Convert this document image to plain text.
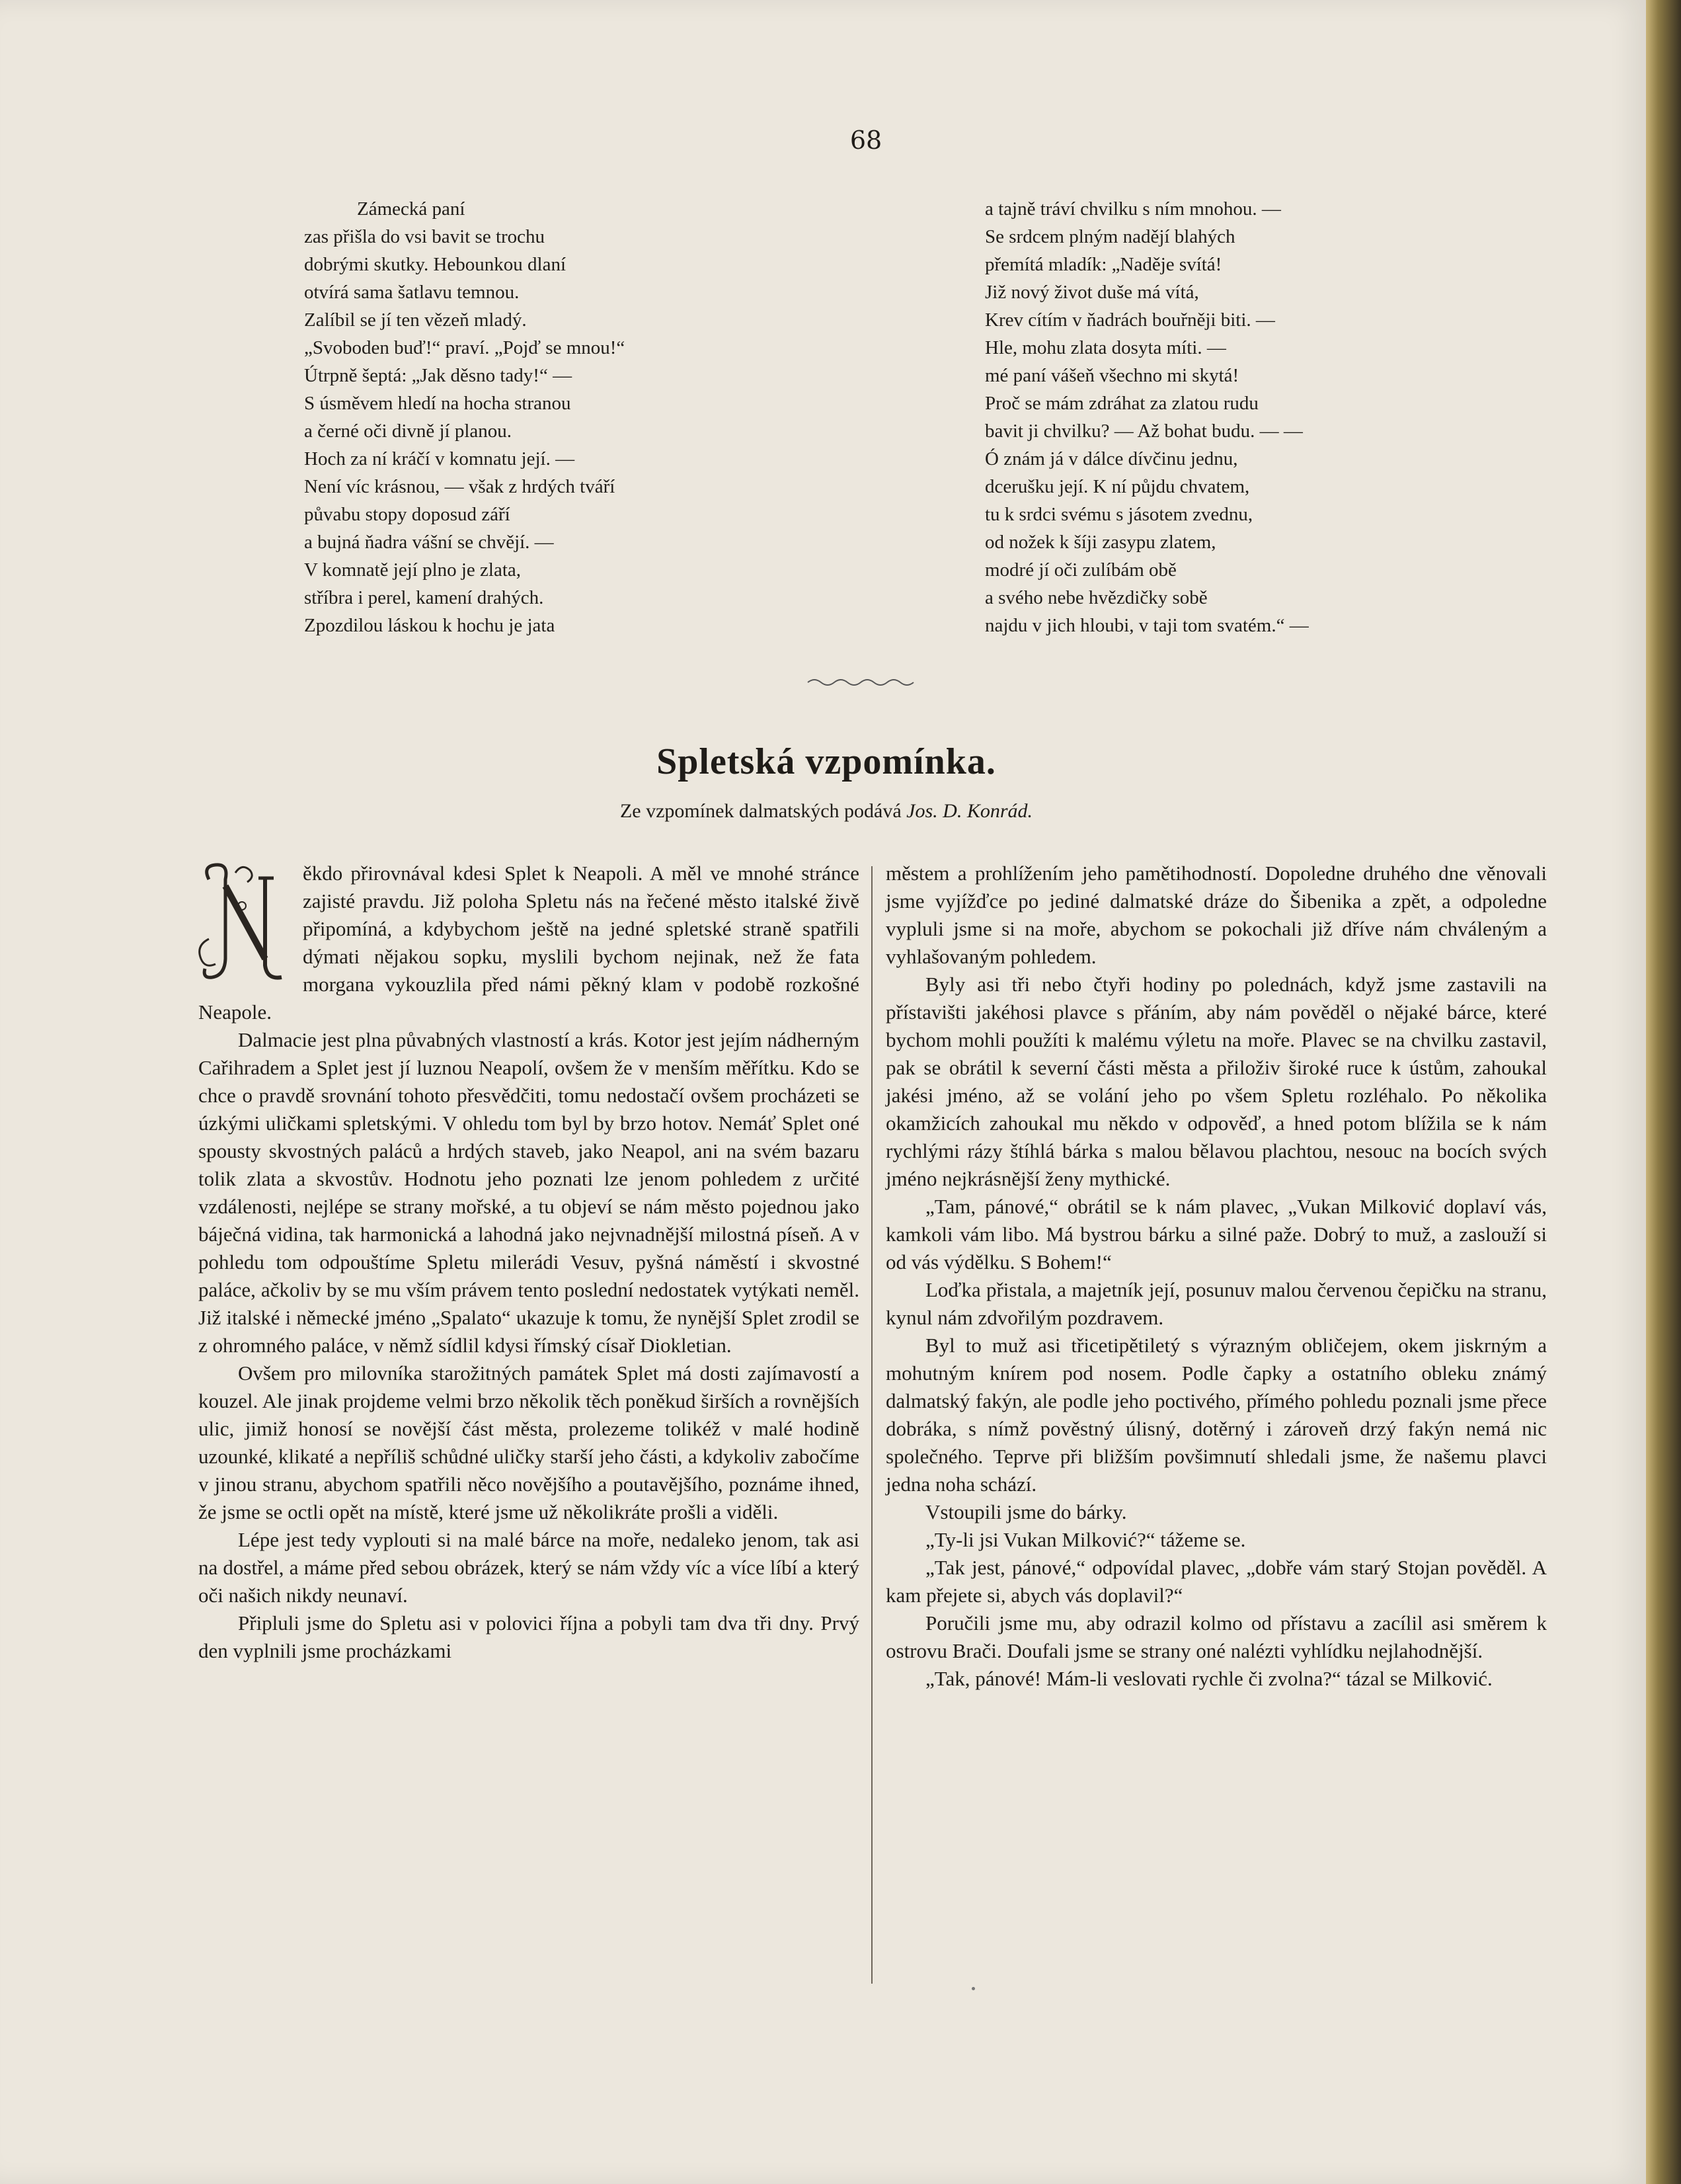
68
Zámecká paní
zas přišla do vsi bavit se trochu
dobrými skutky. Hebounkou dlaní
otvírá sama šatlavu temnou.
Zalíbil se jí ten vězeň mladý.
„Svoboden buď!“ praví. „Pojď se mnou!“
Útrpně šeptá: „Jak děsno tady!“ —
S úsměvem hledí na hocha stranou
a černé oči divně jí planou.
Hoch za ní kráčí v komnatu její. —
Není víc krásnou, — však z hrdých tváří
půvabu stopy doposud září
a bujná ňadra vášní se chvějí. —
V komnatě její plno je zlata,
stříbra i perel, kamení drahých.
Zpozdilou láskou k hochu je jata
a tajně tráví chvilku s ním mnohou. —
Se srdcem plným nadějí blahých
přemítá mladík: „Naděje svítá!
Již nový život duše má vítá,
Krev cítím v ňadrách bouřněji biti. —
Hle, mohu zlata dosyta míti. —
mé paní vášeň všechno mi skytá!
Proč se mám zdráhat za zlatou rudu
bavit ji chvilku? — Až bohat budu. — —
Ó znám já v dálce dívčinu jednu,
dcerušku její. K ní půjdu chvatem,
tu k srdci svému s jásotem zvednu,
od nožek k šíji zasypu zlatem,
modré jí oči zulíbám obě
a svého nebe hvězdičky sobě
najdu v jich hloubi, v taji tom svatém.“ —
Spletská vzpomínka.
Ze vzpomínek dalmatských podává Jos. D. Konrád.

ěkdo přirovnával kdesi Splet k Neapoli. A měl ve mnohé stránce zajisté pravdu. Již poloha Spletu nás na řečené město italské živě připomíná, a kdybychom ještě na jedné spletské straně spatřili dýmati nějakou sopku, myslili bychom nejinak, než že fata morgana vykouzlila před námi pěkný klam v podobě rozkošné Neapole.

Dalmacie jest plna půvabných vlastností a krás. Kotor jest jejím nádherným Cařihradem a Splet jest jí luznou Neapolí, ovšem že v menším měřítku. Kdo se chce o pravdě srovnání tohoto přesvědčiti, tomu nedostačí ovšem procházeti se úzkými uličkami spletskými. V ohledu tom byl by brzo hotov. Nemáť Splet oné spousty skvostných paláců a hrdých staveb, jako Neapol, ani na svém bazaru tolik zlata a skvostův. Hodnotu jeho poznati lze jenom pohledem z určité vzdálenosti, nejlépe se strany mořské, a tu objeví se nám město pojednou jako báječná vidina, tak harmonická a lahodná jako nejvnadnější milostná píseň. A v pohledu tom odpouštíme Spletu milerádi Vesuv, pyšná náměstí i skvostné paláce, ačkoliv by se mu vším právem tento poslední nedostatek vytýkati neměl. Již italské i německé jméno „Spalato“ ukazuje k tomu, že nynější Splet zrodil se z ohromného paláce, v němž sídlil kdysi římský císař Diokletian.

Ovšem pro milovníka starožitných památek Splet má dosti zajímavostí a kouzel. Ale jinak projdeme velmi brzo několik těch poněkud širších a rovnějších ulic, jimiž honosí se novější část města, prolezeme tolikéž v malé hodině uzounké, klikaté a nepříliš schůdné uličky starší jeho části, a kdykoliv zabočíme v jinou stranu, abychom spatřili něco novějšího a poutavějšího, poznáme ihned, že jsme se octli opět na místě, které jsme už několikráte prošli a viděli.

Lépe jest tedy vyplouti si na malé bárce na moře, nedaleko jenom, tak asi na dostřel, a máme před sebou obrázek, který se nám vždy víc a více líbí a který oči našich nikdy neunaví.

Připluli jsme do Spletu asi v polovici října a pobyli tam dva tři dny. Prvý den vyplnili jsme procházkami

městem a prohlížením jeho pamětihodností. Dopoledne druhého dne věnovali jsme vyjížďce po jediné dalmatské dráze do Šibenika a zpět, a odpoledne vypluli jsme si na moře, abychom se pokochali již dříve nám chváleným a vyhlašovaným pohledem.

Byly asi tři nebo čtyři hodiny po polednách, když jsme zastavili na přístavišti jakéhosi plavce s přáním, aby nám pověděl o nějaké bárce, které bychom mohli použíti k malému výletu na moře. Plavec se na chvilku zastavil, pak se obrátil k severní části města a přiloživ široké ruce k ústům, zahoukal jakési jméno, až se volání jeho po všem Spletu rozléhalo. Po několika okamžicích zahoukal mu někdo v odpověď, a hned potom blížila se k nám rychlými rázy štíhlá bárka s malou bělavou plachtou, nesouc na bocích svých jméno nejkrásnější ženy mythické.

„Tam, pánové,“ obrátil se k nám plavec, „Vukan Milković doplaví vás, kamkoli vám libo. Má bystrou bárku a silné paže. Dobrý to muž, a zaslouží si od vás výdělku. S Bohem!“

Loďka přistala, a majetník její, posunuv malou červenou čepičku na stranu, kynul nám zdvořilým pozdravem.

Byl to muž asi třicetipětiletý s výrazným obličejem, okem jiskrným a mohutným knírem pod nosem. Podle čapky a ostatního obleku známý dalmatský fakýn, ale podle jeho poctivého, přímého pohledu poznali jsme přece dobráka, s nímž pověstný úlisný, dotěrný i zároveň drzý fakýn nemá nic společného. Teprve při bližším povšimnutí shledali jsme, že našemu plavci jedna noha schází.

Vstoupili jsme do bárky.

„Ty-li jsi Vukan Milković?“ tážeme se.

„Tak jest, pánové,“ odpovídal plavec, „dobře vám starý Stojan pověděl. A kam přejete si, abych vás doplavil?“

Poručili jsme mu, aby odrazil kolmo od přístavu a zacílil asi směrem k ostrovu Brači. Doufali jsme se strany oné nalézti vyhlídku nejlahodnější.

„Tak, pánové! Mám-li veslovati rychle či zvolna?“ tázal se Milković.
